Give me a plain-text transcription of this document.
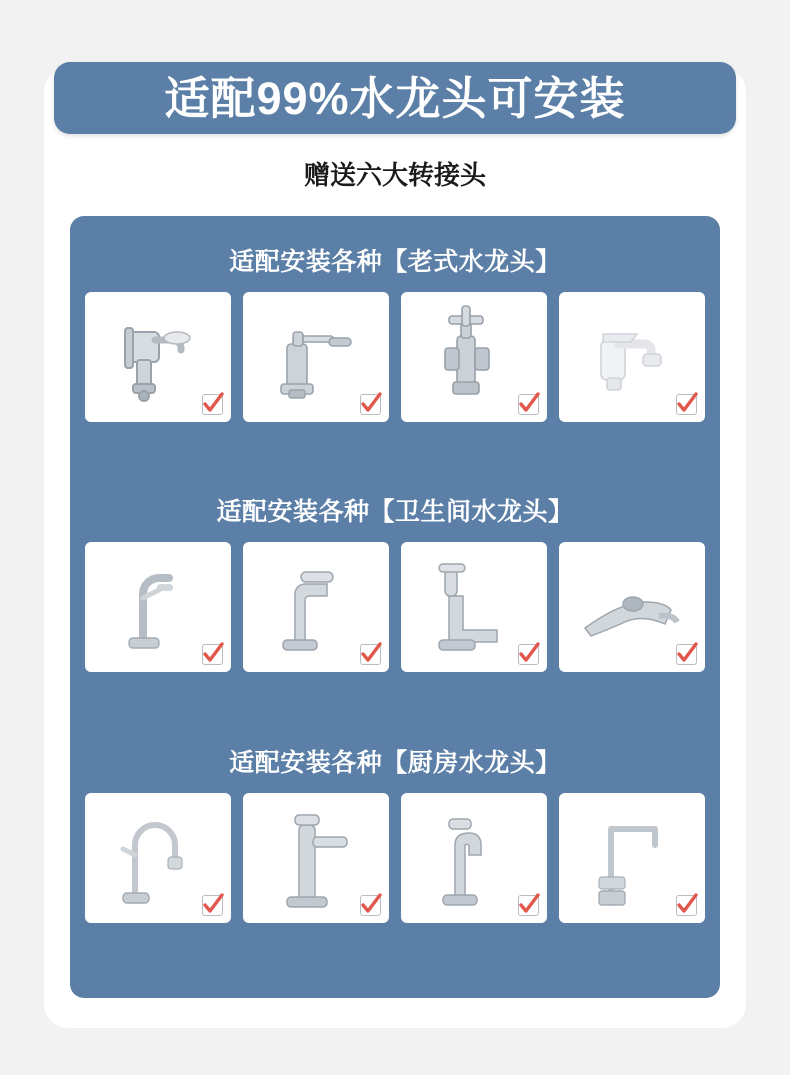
适配99%水龙头可安装
赠送六大转接头
适配安装各种【老式水龙头】
适配安装各种【卫生间水龙头】
适配安装各种【厨房水龙头】
